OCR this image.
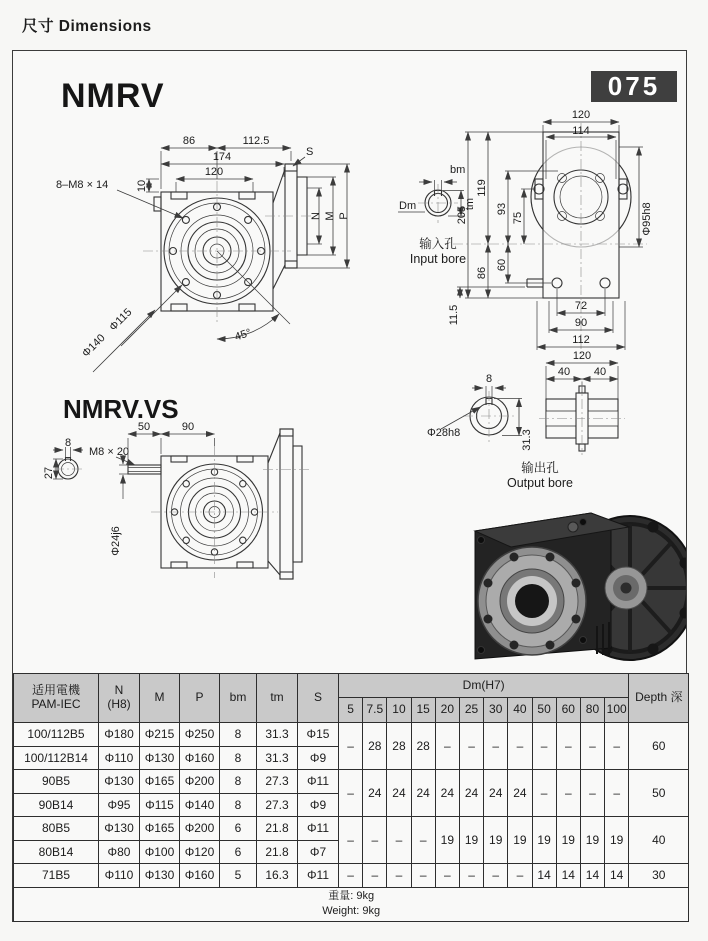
尺寸 Dimensions
075
NMRV
45°
Φ115
Φ140
8–M8 × 14
86	112.5
174
120
10
S
N M P
bm
Dm	tm
输入孔
Input bore
120
114
205
119
86
93
75
60
11.5
Φ95h8
72
90
112
120
40 40
8
Φ28h8	31.3
输出孔
Output bore
NMRV.VS
M8 × 20
50	90
8
27
Φ24j6
适用電機
PAM-IEC

N
(H8)	M	P	bm	tm	S	Dm(H7)	Depth 深
							5	7.5	10	15	20	25	30	40	50	60	80	100	
100/112B5	Φ180	Φ215	Φ250	8	31.3	Φ15	–	28	28	28	–	–	–	–	–	–	–	–	60
100/112B14	Φ110	Φ130	Φ160	8	31.3	Φ9													
90B5	Φ130	Φ165	Φ200	8	27.3	Φ11	–	24	24	24	24	24	24	24	–	–	–	–	50
90B14	Φ95	Φ115	Φ140	8	27.3	Φ9													
80B5	Φ130	Φ165	Φ200	6	21.8	Φ11	–	–	–	–	19	19	19	19	19	19	19	19	40
80B14	Φ80	Φ100	Φ120	6	21.8	Φ7													
71B5	Φ110	Φ130	Φ160	5	16.3	Φ11	–	–	–	–	–	–	–	–	14	14	14	14	30

重量: 9kg
Weight: 9kg																			
